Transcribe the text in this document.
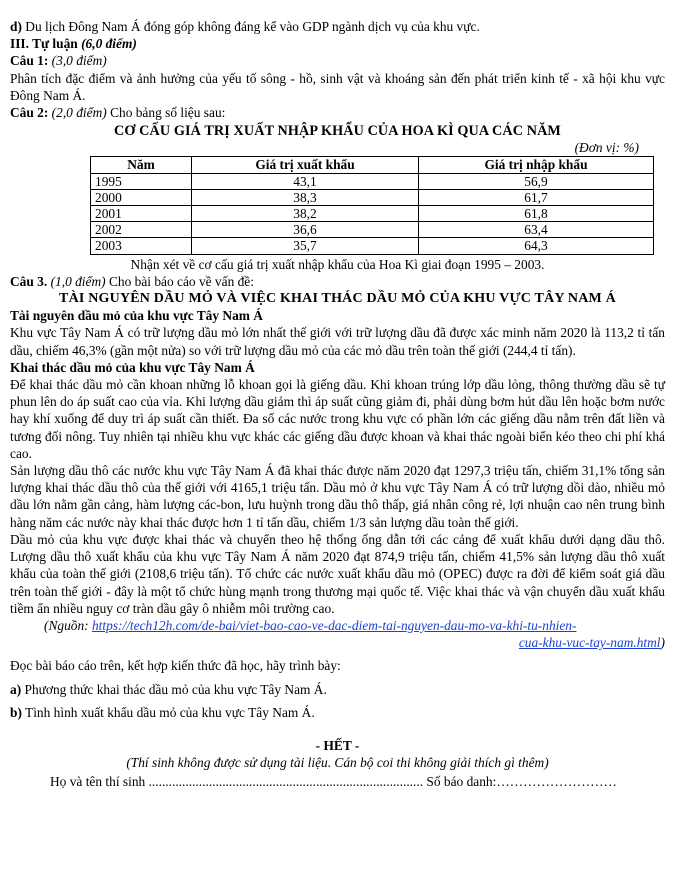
d) Du lịch Đông Nam Á đóng góp không đáng kể vào GDP ngành dịch vụ của khu vực.

III. Tự luận (6,0 điểm)

Câu 1: (3,0 điểm)

Phân tích đặc điểm và ảnh hưởng của yếu tố sông - hồ, sinh vật và khoáng sản đến phát triển kinh tế - xã hội khu vực Đông Nam Á.

Câu 2: (2,0 điểm) Cho bảng số liệu sau:

CƠ CẤU GIÁ TRỊ XUẤT NHẬP KHẨU CỦA HOA KÌ QUA CÁC NĂM

(Đơn vị: %)

Năm	Giá trị xuất khẩu	Giá trị nhập khẩu
1995	43,1	56,9
2000	38,3	61,7
2001	38,2	61,8
2002	36,6	63,4
2003	35,7	64,3

Nhận xét về cơ cấu giá trị xuất nhập khẩu của Hoa Kì giai đoạn 1995 – 2003.

Câu 3. (1,0 điểm) Cho bài báo cáo về vấn đề:

TÀI NGUYÊN DẦU MỎ VÀ VIỆC KHAI THÁC DẦU MỎ CỦA KHU VỰC TÂY NAM Á

Tài nguyên dầu mỏ của khu vực Tây Nam Á

Khu vực Tây Nam Á có trữ lượng dầu mỏ lớn nhất thế giới với trữ lượng dầu đã được xác minh năm 2020 là 113,2 tỉ tấn dầu, chiếm 46,3% (gần một nửa) so với trữ lượng dầu mỏ của các mỏ dầu trên toàn thế giới (244,4 tỉ tấn).

Khai thác dầu mỏ của khu vực Tây Nam Á

Để khai thác dầu mỏ cần khoan những lỗ khoan gọi là giếng dầu. Khi khoan trúng lớp dầu lỏng, thông thường dầu sẽ tự phun lên do áp suất cao của vỉa. Khi lượng dầu giảm thì áp suất cũng giảm đi, phải dùng bơm hút dầu lên hoặc bơm nước hay khí xuống để duy trì áp suất cần thiết. Đa số các nước trong khu vực có phần lớn các giếng dầu nằm trên đất liền và tương đối nông. Tuy nhiên tại nhiều khu vực khác các giếng dầu được khoan và khai thác ngoài biển kéo theo chi phí khá cao.

Sản lượng dầu thô các nước khu vực Tây Nam Á đã khai thác được năm 2020 đạt 1297,3 triệu tấn, chiếm 31,1% tổng sản lượng khai thác dầu thô của thế giới với 4165,1 triệu tấn. Dầu mỏ ở khu vực Tây Nam Á có trữ lượng dồi dào, nhiều mỏ dầu lớn nằm gần cảng, hàm lượng các-bon, lưu huỳnh trong dầu thô thấp, giá nhân công rẻ, lợi nhuận cao nên trung bình hàng năm các nước này khai thác được hơn 1 tỉ tấn dầu, chiếm 1/3 sản lượng dầu toàn thế giới.

Dầu mỏ của khu vực được khai thác và chuyển theo hệ thống ống dẫn tới các cảng để xuất khẩu dưới dạng dầu thô. Lượng dầu thô xuất khẩu của khu vực Tây Nam Á năm 2020 đạt 874,9 triệu tấn, chiếm 41,5% sản lượng dầu thô xuất khẩu của toàn thế giới (2108,6 triệu tấn). Tổ chức các nước xuất khẩu dầu mỏ (OPEC) được ra đời để kiểm soát giá dầu trên toàn thế giới - đây là một tổ chức hùng mạnh trong thương mại quốc tế. Việc khai thác và vận chuyển dầu xuất khẩu tiềm ẩn nhiều nguy cơ tràn dầu gây ô nhiễm môi trường cao.

(Nguồn: https://tech12h.com/de-bai/viet-bao-cao-ve-dac-diem-tai-nguyen-dau-mo-va-khi-tu-nhien-

cua-khu-vuc-tay-nam.html)

Đọc bài báo cáo trên, kết hợp kiến thức đã học, hãy trình bày:

a) Phương thức khai thác dầu mỏ của khu vực Tây Nam Á.

b) Tình hình xuất khẩu dầu mỏ của khu vực Tây Nam Á.

- HẾT -

(Thí sinh không được sử dụng tài liệu. Cán bộ coi thi không giải thích gì thêm)

Họ và tên thí sinh .................................................................................. Số báo danh:………………………
